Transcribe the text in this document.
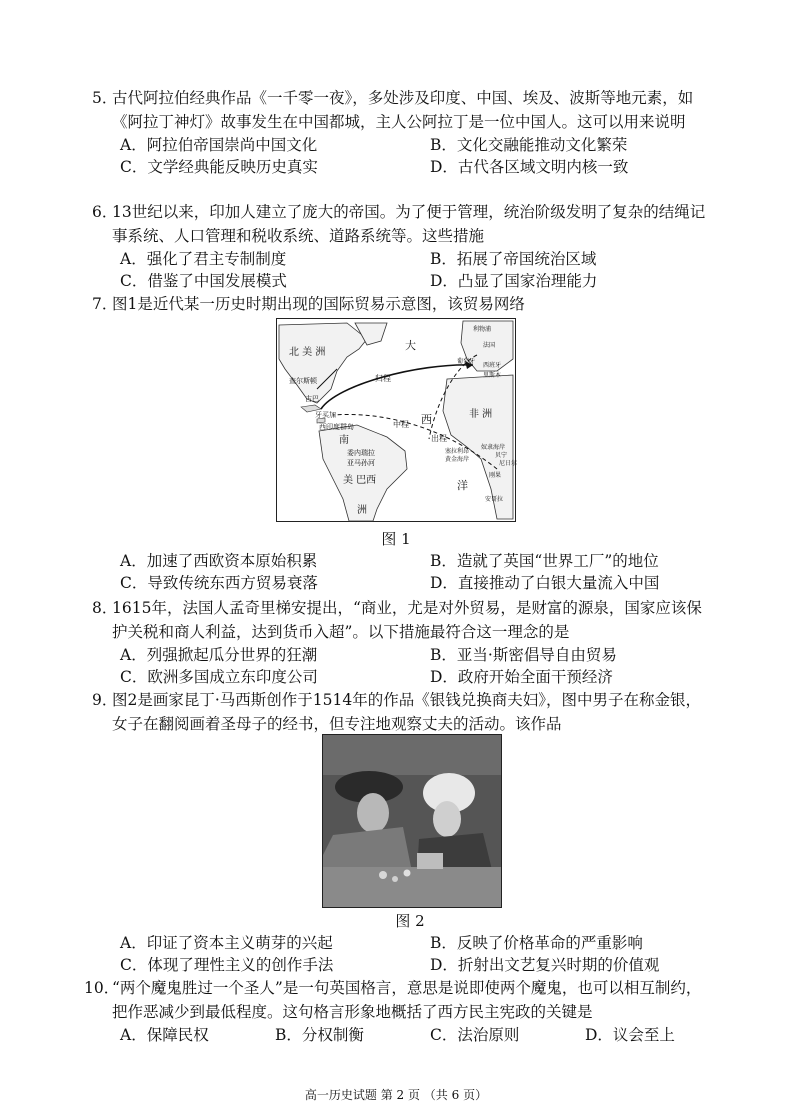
5．
古代阿拉伯经典作品《一千零一夜》，多处涉及印度、中国、埃及、波斯等地元素，如《阿拉丁神灯》故事发生在中国都城，主人公阿拉丁是一位中国人。这可以用来说明
A．阿拉伯帝国崇尚中国文化	B．文化交融能推动文化繁荣
C．文学经典能反映历史真实	D．古代各区域文明内核一致
6．
13世纪以来，印加人建立了庞大的帝国。为了便于管理，统治阶级发明了复杂的结绳记事系统、人口管理和税收系统、道路系统等。这些措施
A．强化了君主专制制度	B．拓展了帝国统治区域
C．借鉴了中国发展模式	D．凸显了国家治理能力
7．
图1是近代某一历史时期出现的国际贸易示意图，该贸易网络
北 美 洲
大
西
洋
查尔斯顿
古巴
牙买加
西印度群岛
南
委内瑞拉
亚马孙河
美 巴西
洲
归程
中程
出程
利物浦
法国
葡萄牙
西班牙
里斯本
非 洲
塞拉利昂
黄金海岸
奴隶海岸
贝宁
尼日尔
刚果
安哥拉
图 1
A．加速了西欧资本原始积累	B．造就了英国“世界工厂”的地位
C．导致传统东西方贸易衰落	D．直接推动了白银大量流入中国
8．
1615年，法国人孟奇里梯安提出，“商业，尤是对外贸易，是财富的源泉，国家应该保护关税和商人利益，达到货币入超”。以下措施最符合这一理念的是
A．列强掀起瓜分世界的狂潮	B．亚当·斯密倡导自由贸易
C．欧洲多国成立东印度公司	D．政府开始全面干预经济
9．
图2是画家昆丁·马西斯创作于1514年的作品《银钱兑换商夫妇》，图中男子在称金银，女子在翻阅画着圣母子的经书，但专注地观察丈夫的活动。该作品
图 2
A．印证了资本主义萌芽的兴起	B．反映了价格革命的严重影响
C．体现了理性主义的创作手法	D．折射出文艺复兴时期的价值观
10．
“两个魔鬼胜过一个圣人”是一句英国格言，意思是说即使两个魔鬼，也可以相互制约，把作恶减少到最低程度。这句格言形象地概括了西方民主宪政的关键是
A．保障民权	B．分权制衡	C．法治原则	D．议会至上
高一历史试题 第 2 页 （共 6 页）
